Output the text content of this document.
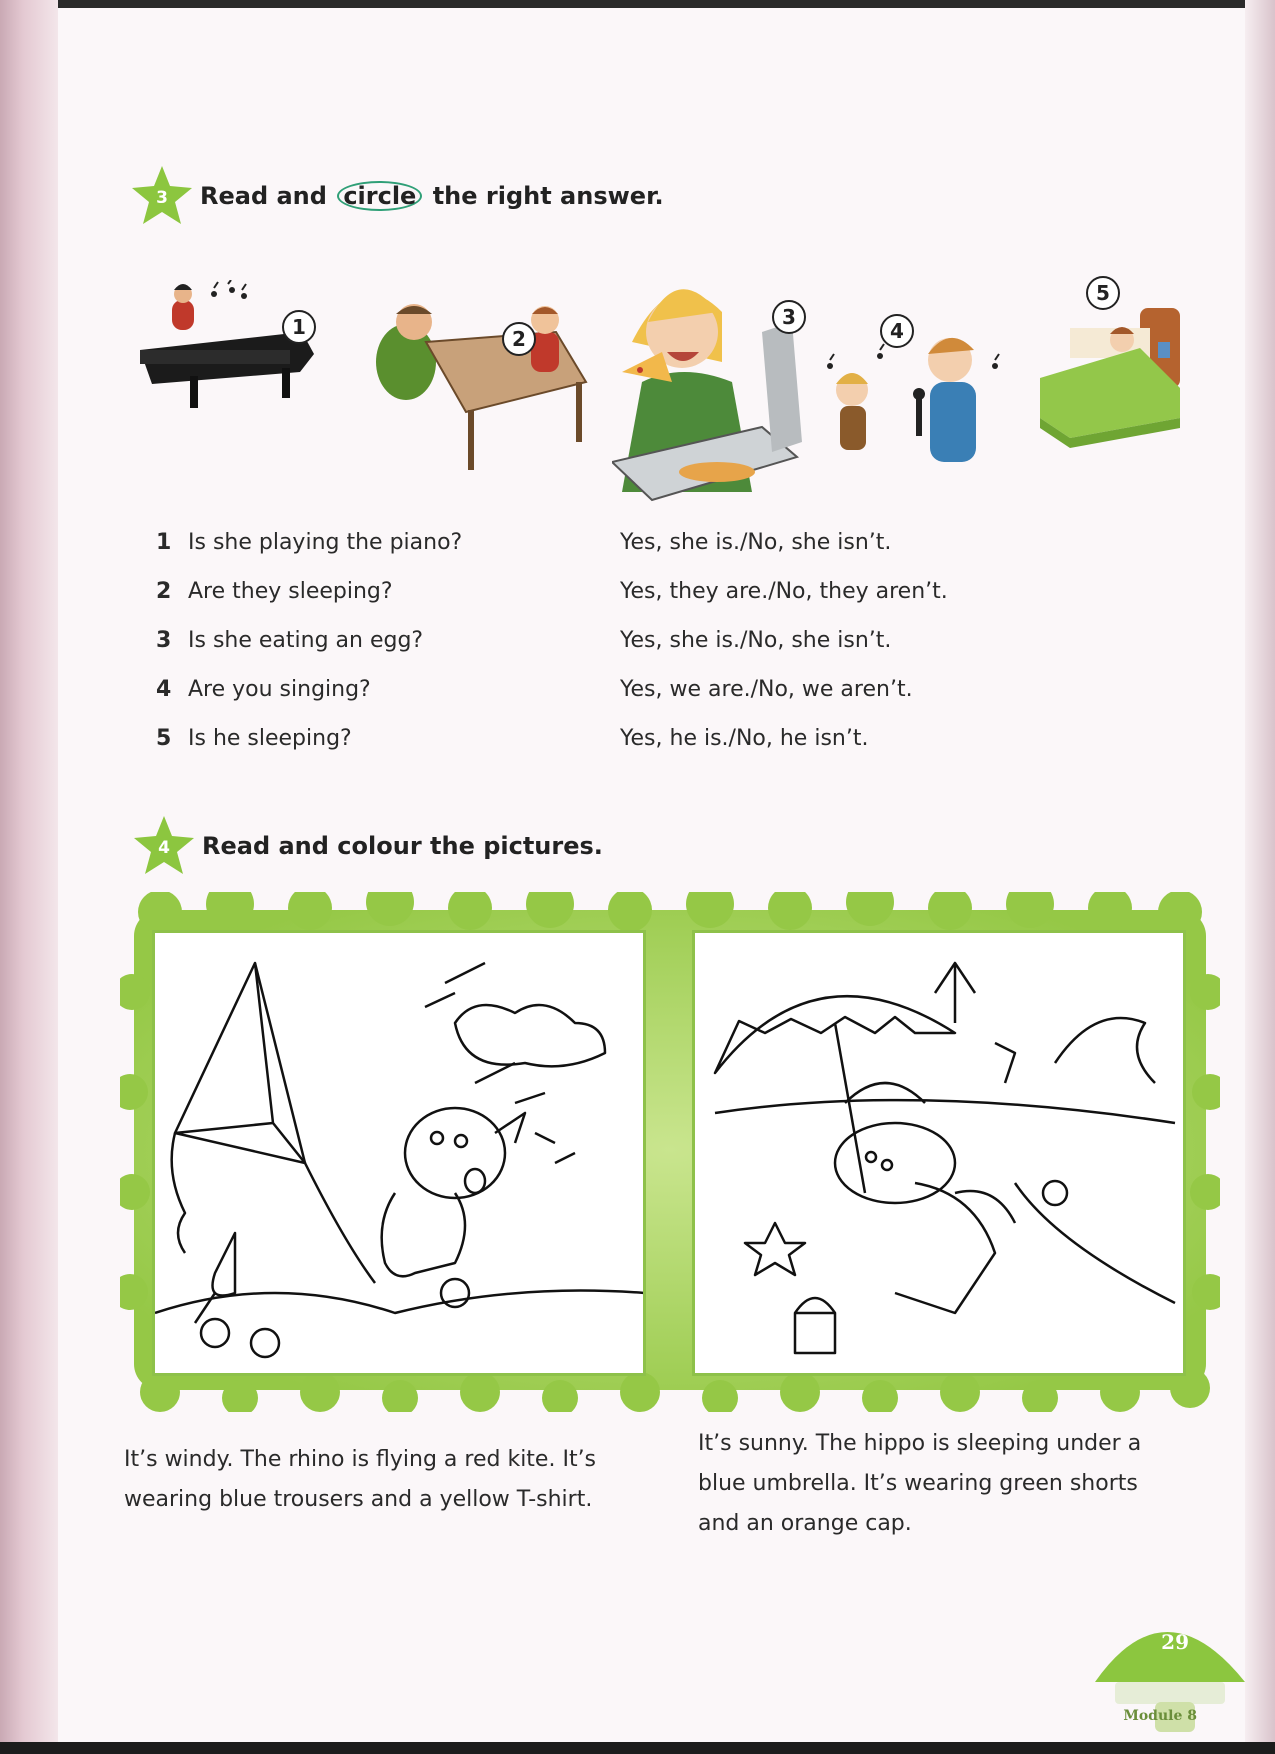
3	Read and circle the right answer.
1	2
3
4
5
1 Is she playing the piano?	Yes, she is./No, she isn’t.
2 Are they sleeping?	Yes, they are./No, they aren’t.
3 Is she eating an egg?	Yes, she is./No, she isn’t.
4 Are you singing?	Yes, we are./No, we aren’t.
5 Is he sleeping?	Yes, he is./No, he isn’t.
4	Read and colour the pictures.
It’s windy. The rhino is flying a red kite. It’s
wearing blue trousers and a yellow T-shirt.
It’s sunny. The hippo is sleeping under a
blue umbrella. It’s wearing green shorts
and an orange cap.
29
Module 8
